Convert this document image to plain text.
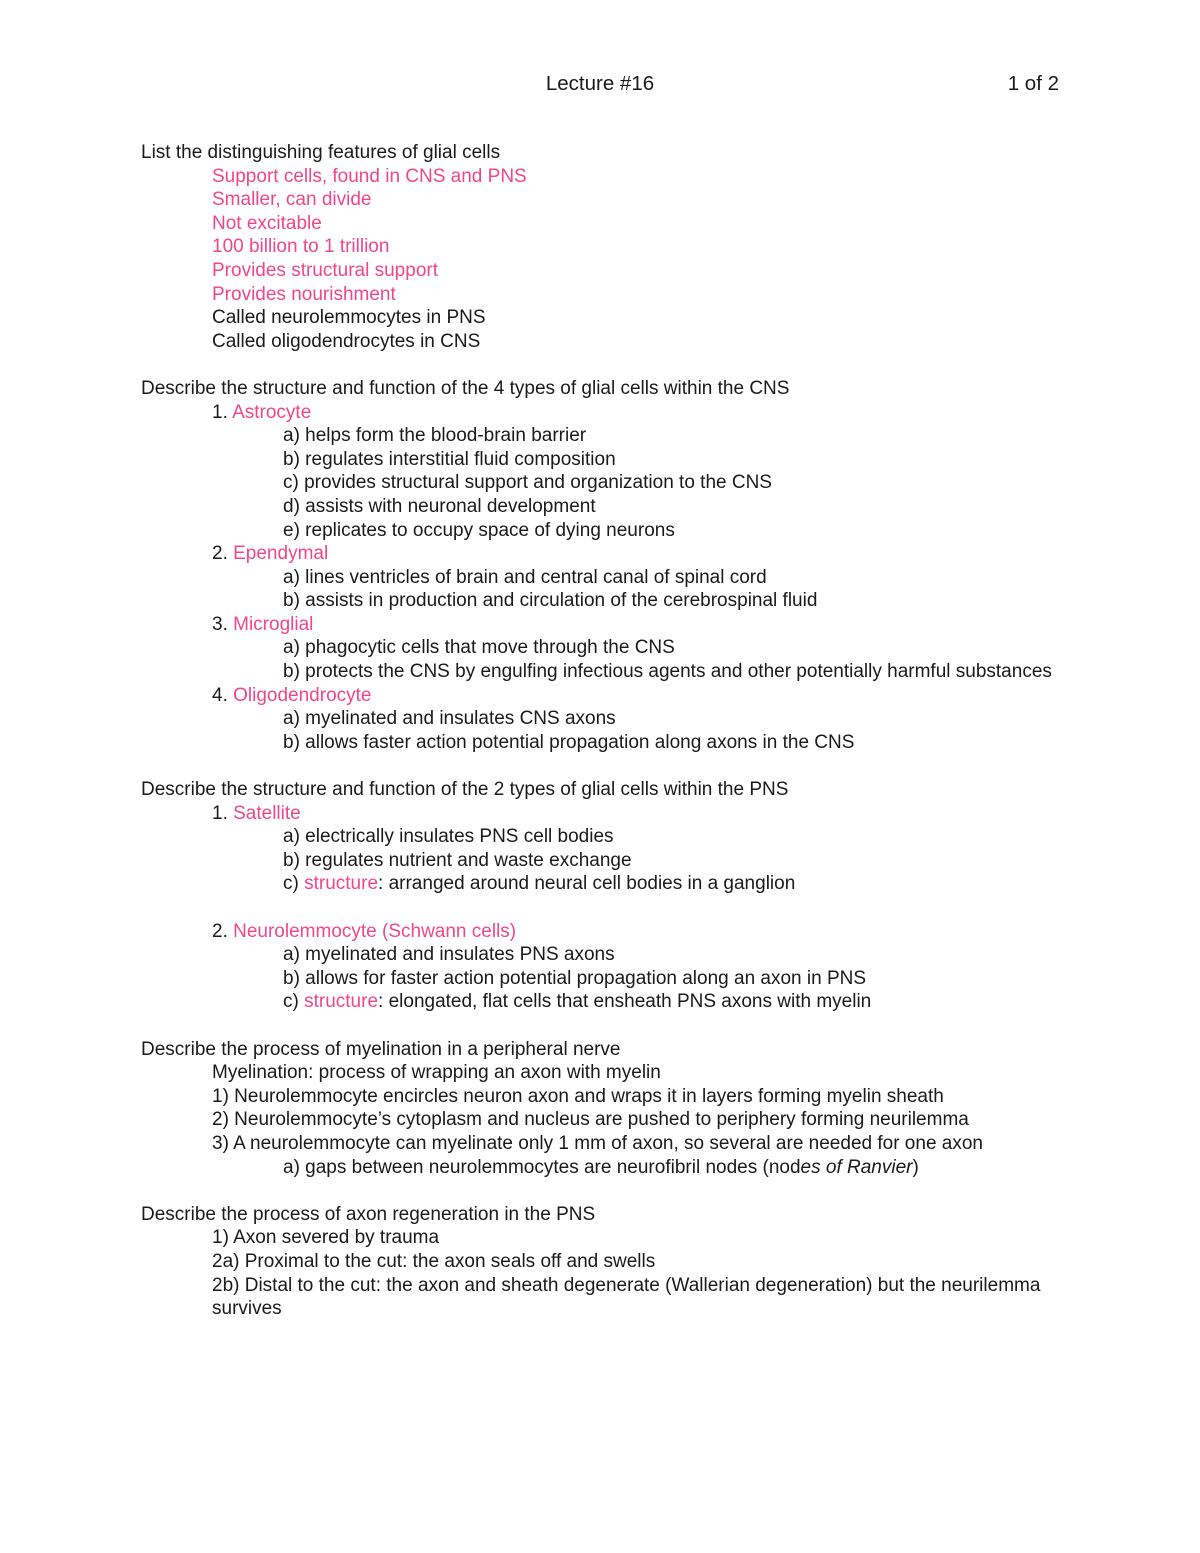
Lecture #16	1 of 2
List the distinguishing features of glial cells
Support cells, found in CNS and PNS
Smaller, can divide
Not excitable
100 billion to 1 trillion
Provides structural support
Provides nourishment
Called neurolemmocytes in PNS
Called oligodendrocytes in CNS
Describe the structure and function of the 4 types of glial cells within the CNS
1. Astrocyte
a) helps form the blood-brain barrier
b) regulates interstitial fluid composition
c) provides structural support and organization to the CNS
d) assists with neuronal development
e) replicates to occupy space of dying neurons
2. Ependymal
a) lines ventricles of brain and central canal of spinal cord
b) assists in production and circulation of the cerebrospinal fluid
3. Microglial
a) phagocytic cells that move through the CNS
b) protects the CNS by engulfing infectious agents and other potentially harmful substances
4. Oligodendrocyte
a) myelinated and insulates CNS axons
b) allows faster action potential propagation along axons in the CNS
Describe the structure and function of the 2 types of glial cells within the PNS
1. Satellite
a) electrically insulates PNS cell bodies
b) regulates nutrient and waste exchange
c) structure: arranged around neural cell bodies in a ganglion
2. Neurolemmocyte (Schwann cells)
a) myelinated and insulates PNS axons
b) allows for faster action potential propagation along an axon in PNS
c) structure: elongated, flat cells that ensheath PNS axons with myelin
Describe the process of myelination in a peripheral nerve
Myelination: process of wrapping an axon with myelin
1) Neurolemmocyte encircles neuron axon and wraps it in layers forming myelin sheath
2) Neurolemmocyte’s cytoplasm and nucleus are pushed to periphery forming neurilemma
3) A neurolemmocyte can myelinate only 1 mm of axon, so several are needed for one axon
a) gaps between neurolemmocytes are neurofibril nodes (nodes of Ranvier)
Describe the process of axon regeneration in the PNS
1) Axon severed by trauma
2a) Proximal to the cut: the axon seals off and swells
2b) Distal to the cut: the axon and sheath degenerate (Wallerian degeneration) but the neurilemma survives
